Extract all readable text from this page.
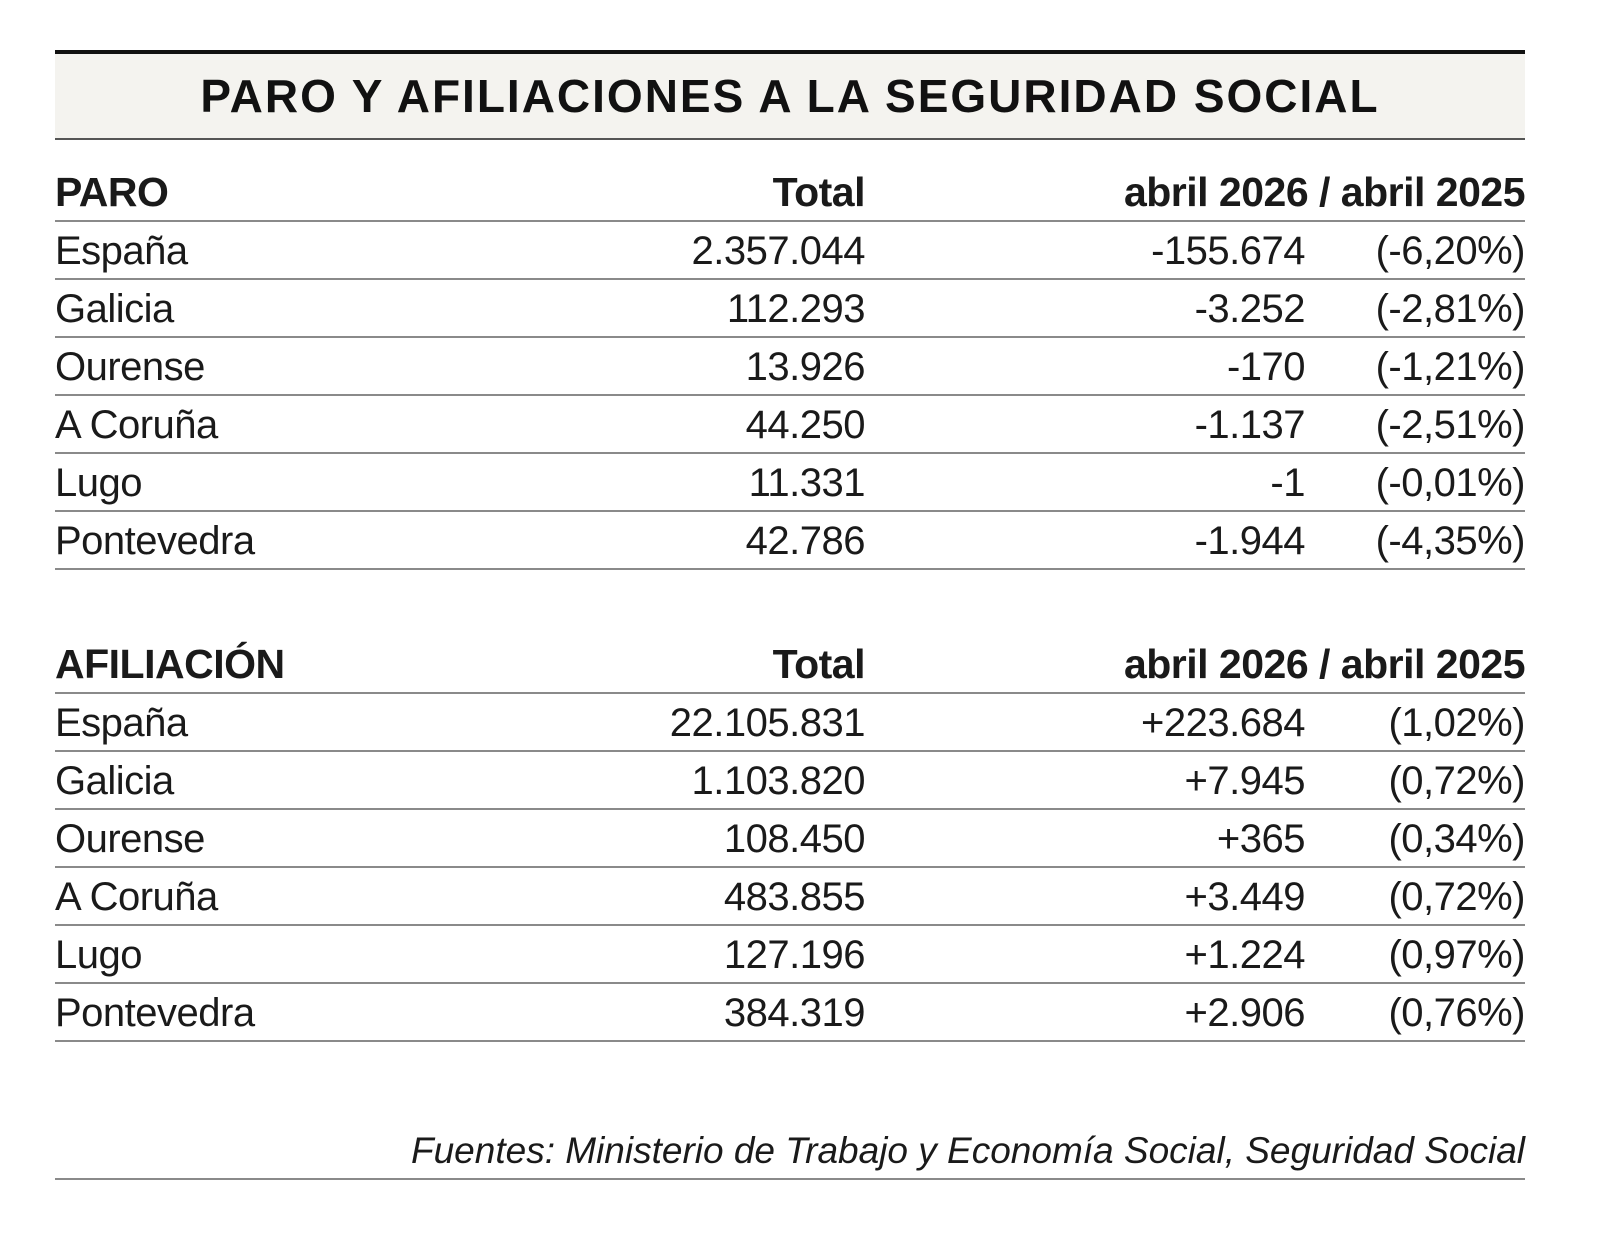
PARO Y AFILIACIONES A LA SEGURIDAD SOCIAL
PARO	Total	abril 2026 / abril 2025
España	2.357.044	-155.674	(-6,20%)
Galicia	112.293	-3.252	(-2,81%)
Ourense	13.926	-170	(-1,21%)
A Coruña	44.250	-1.137	(-2,51%)
Lugo	11.331	-1	(-0,01%)
Pontevedra	42.786	-1.944	(-4,35%)
AFILIACIÓN	Total	abril 2026 / abril 2025
España	22.105.831	+223.684	(1,02%)
Galicia	1.103.820	+7.945	(0,72%)
Ourense	108.450	+365	(0,34%)
A Coruña	483.855	+3.449	(0,72%)
Lugo	127.196	+1.224	(0,97%)
Pontevedra	384.319	+2.906	(0,76%)
Fuentes: Ministerio de Trabajo y Economía Social, Seguridad Social
